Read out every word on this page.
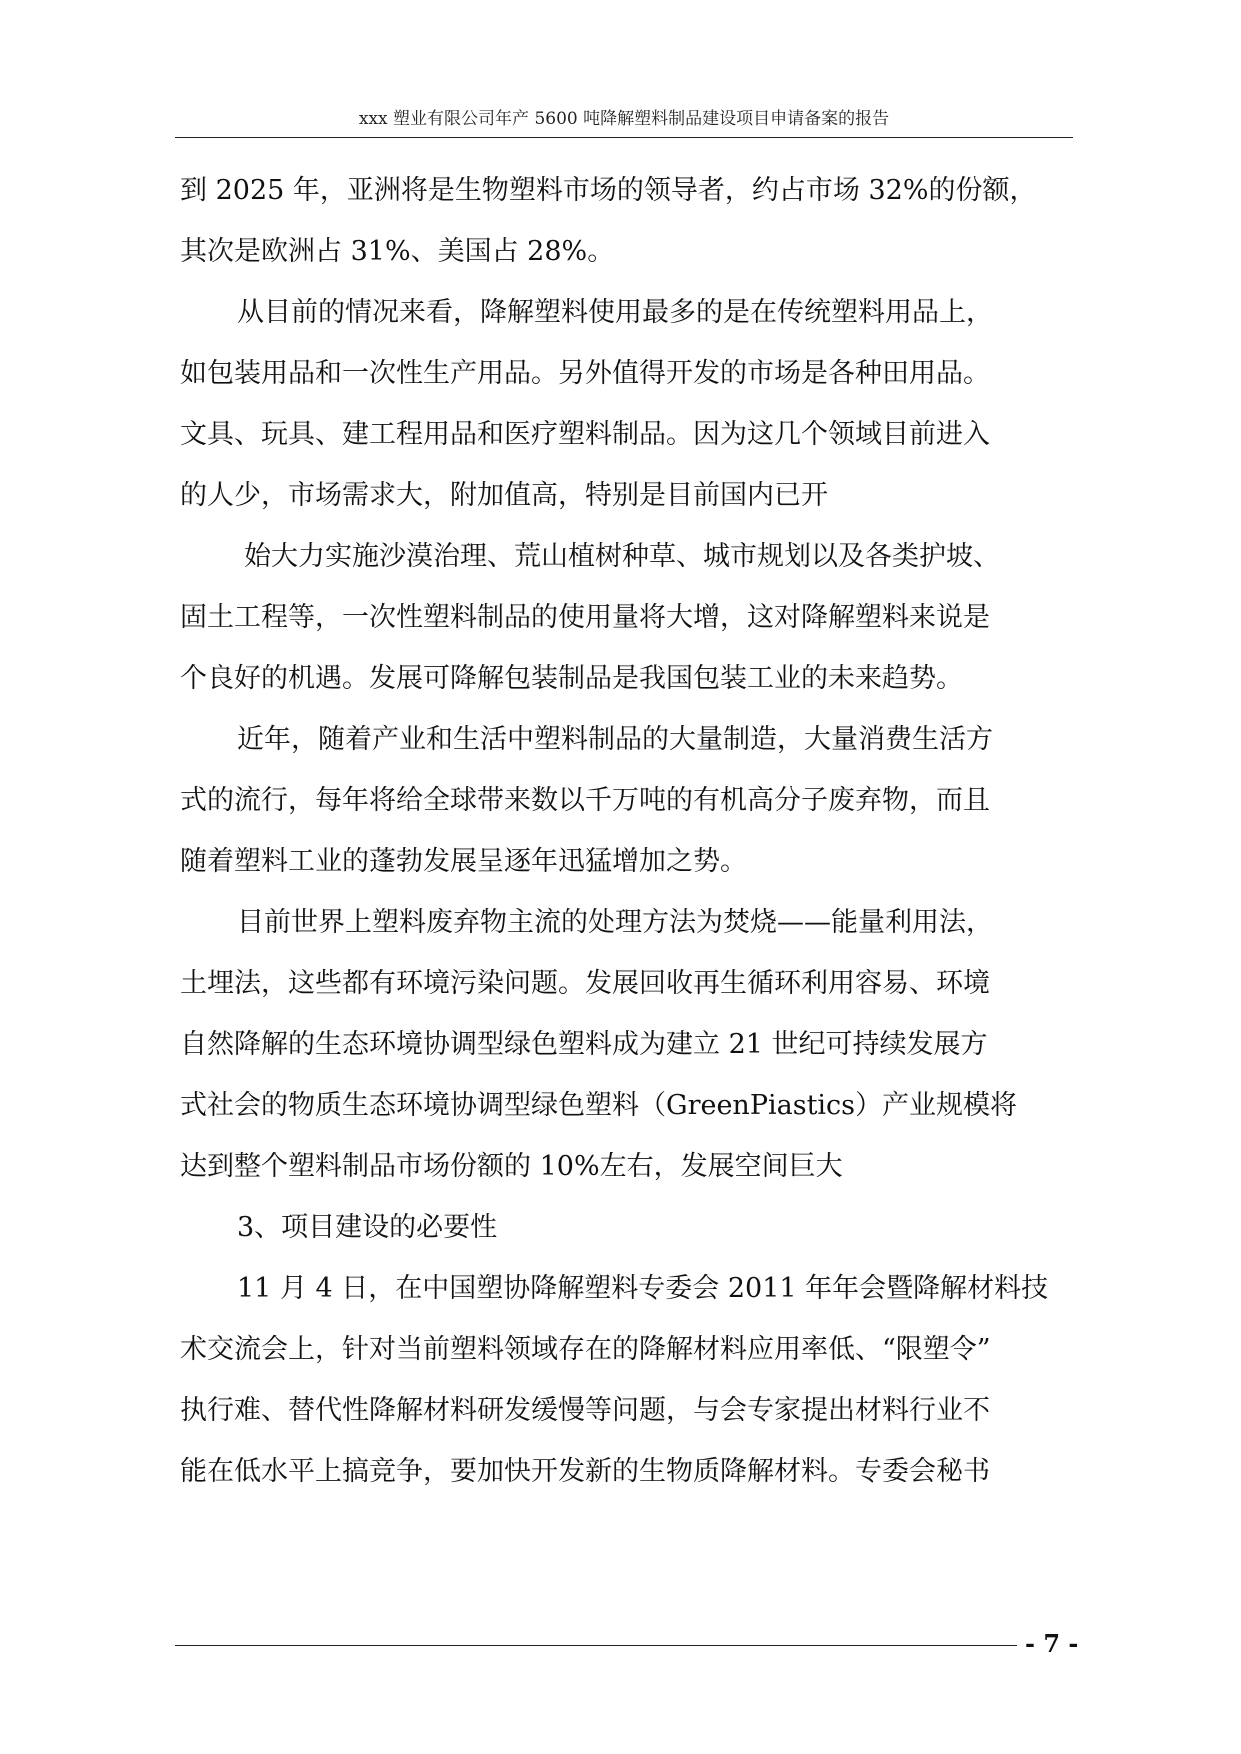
xxx 塑业有限公司年产 5600 吨降解塑料制品建设项目申请备案的报告
到 2025 年，亚洲将是生物塑料市场的领导者，约占市场 32%的份额，
其次是欧洲占 31%、美国占 28%。
从目前的情况来看，降解塑料使用最多的是在传统塑料用品上，
如包装用品和一次性生产用品。另外值得开发的市场是各种田用品。
文具、玩具、建工程用品和医疗塑料制品。因为这几个领域目前进入
的人少，市场需求大，附加值高，特别是目前国内已开
始大力实施沙漠治理、荒山植树种草、城市规划以及各类护坡、
固土工程等，一次性塑料制品的使用量将大增，这对降解塑料来说是
个良好的机遇。发展可降解包装制品是我国包装工业的未来趋势。
近年，随着产业和生活中塑料制品的大量制造，大量消费生活方
式的流行，每年将给全球带来数以千万吨的有机高分子废弃物，而且
随着塑料工业的蓬勃发展呈逐年迅猛增加之势。
目前世界上塑料废弃物主流的处理方法为焚烧——能量利用法，
土埋法，这些都有环境污染问题。发展回收再生循环利用容易、环境
自然降解的生态环境协调型绿色塑料成为建立 21 世纪可持续发展方
式社会的物质生态环境协调型绿色塑料（GreenPiastics）产业规模将
达到整个塑料制品市场份额的 10%左右，发展空间巨大
3、项目建设的必要性
11 月 4 日，在中国塑协降解塑料专委会 2011 年年会暨降解材料技
术交流会上，针对当前塑料领域存在的降解材料应用率低、“限塑令”
执行难、替代性降解材料研发缓慢等问题，与会专家提出材料行业不
能在低水平上搞竞争，要加快开发新的生物质降解材料。专委会秘书
- 7 -
